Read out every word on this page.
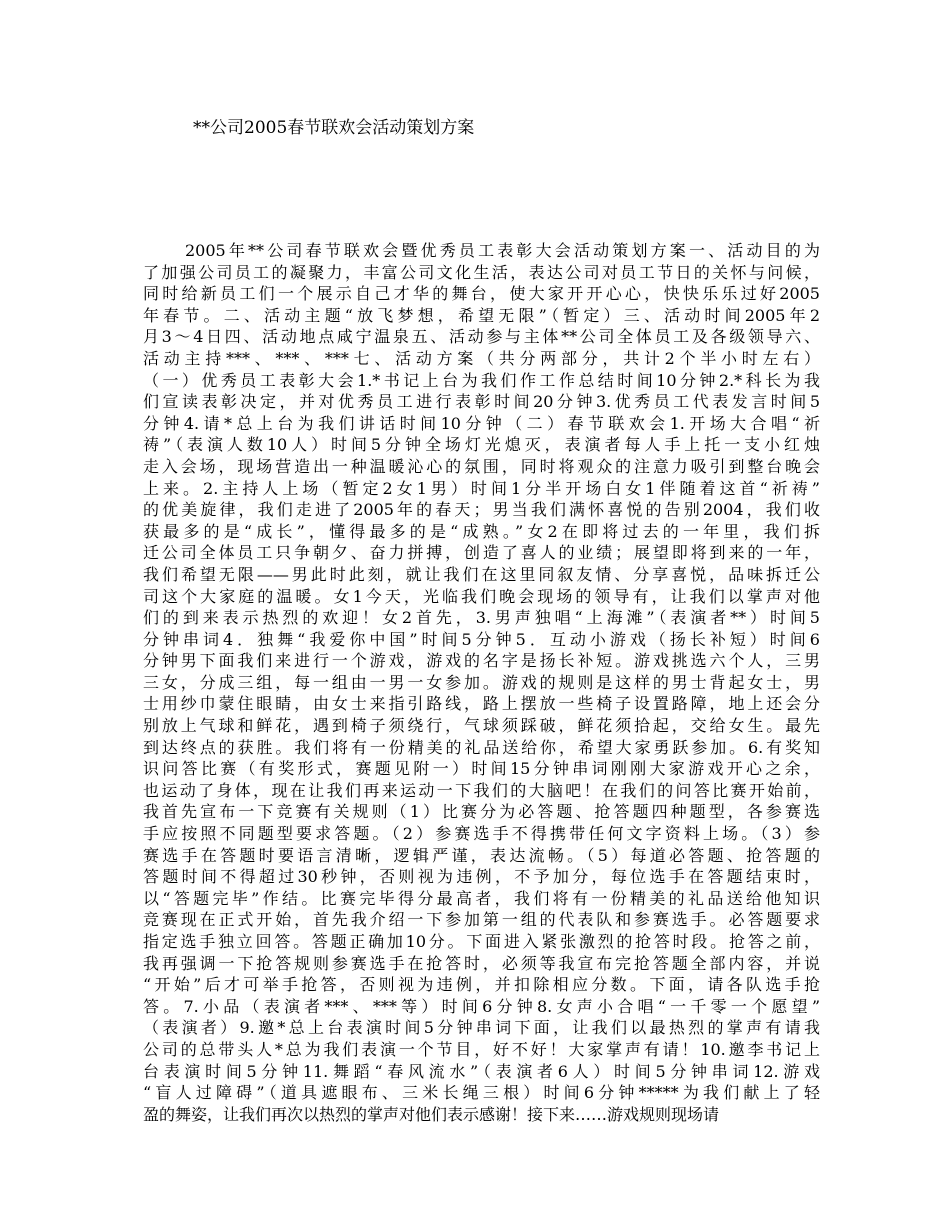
**公司2005春节联欢会活动策划方案
2005年**公司春节联欢会暨优秀员工表彰大会活动策划方案一、活动目的为
了加强公司员工的凝聚力，丰富公司文化生活，表达公司对员工节日的关怀与问候，
同时给新员工们一个展示自己才华的舞台，使大家开开心心，快快乐乐过好2005
年春节。二、活动主题“放飞梦想，希望无限”（暂定）三、活动时间2005年2
月3～4日四、活动地点咸宁温泉五、活动参与主体**公司全体员工及各级领导六、
活动主持***、***、***七、活动方案（共分两部分，共计2个半小时左右）
（一）优秀员工表彰大会1.*书记上台为我们作工作总结时间10分钟2.*科长为我
们宣读表彰决定，并对优秀员工进行表彰时间20分钟3.优秀员工代表发言时间5
分钟4.请*总上台为我们讲话时间10分钟（二）春节联欢会1.开场大合唱“祈
祷”（表演人数10人）时间5分钟全场灯光熄灭，表演者每人手上托一支小红烛
走入会场，现场营造出一种温暖沁心的氛围，同时将观众的注意力吸引到整台晚会
上来。2.主持人上场（暂定2女1男）时间1分半开场白女1伴随着这首“祈祷”
的优美旋律，我们走进了2005年的春天；男当我们满怀喜悦的告别2004，我们收
获最多的是“成长”，懂得最多的是“成熟。”女2在即将过去的一年里，我们拆
迁公司全体员工只争朝夕、奋力拼搏，创造了喜人的业绩；展望即将到来的一年，
我们希望无限——男此时此刻，就让我们在这里同叙友情、分享喜悦，品味拆迁公
司这个大家庭的温暖。女1今天，光临我们晚会现场的领导有，让我们以掌声对他
们的到来表示热烈的欢迎！女2首先，3.男声独唱“上海滩”（表演者**）时间5
分钟串词4．独舞“我爱你中国”时间5分钟5．互动小游戏（扬长补短）时间6
分钟男下面我们来进行一个游戏，游戏的名字是扬长补短。游戏挑选六个人，三男
三女，分成三组，每一组由一男一女参加。游戏的规则是这样的男士背起女士，男
士用纱巾蒙住眼睛，由女士来指引路线，路上摆放一些椅子设置路障，地上还会分
别放上气球和鲜花，遇到椅子须绕行，气球须踩破，鲜花须拾起，交给女生。最先
到达终点的获胜。我们将有一份精美的礼品送给你，希望大家勇跃参加。6.有奖知
识问答比赛（有奖形式，赛题见附一）时间15分钟串词刚刚大家游戏开心之余，
也运动了身体，现在让我们再来运动一下我们的大脑吧！在我们的问答比赛开始前，
我首先宣布一下竞赛有关规则（1）比赛分为必答题、抢答题四种题型，各参赛选
手应按照不同题型要求答题。（2）参赛选手不得携带任何文字资料上场。（3）参
赛选手在答题时要语言清晰，逻辑严谨，表达流畅。（5）每道必答题、抢答题的
答题时间不得超过30秒钟，否则视为违例，不予加分，每位选手在答题结束时，
以“答题完毕”作结。比赛完毕得分最高者，我们将有一份精美的礼品送给他知识
竞赛现在正式开始，首先我介绍一下参加第一组的代表队和参赛选手。必答题要求
指定选手独立回答。答题正确加10分。下面进入紧张激烈的抢答时段。抢答之前，
我再强调一下抢答规则参赛选手在抢答时，必须等我宣布完抢答题全部内容，并说
“开始”后才可举手抢答，否则视为违例，并扣除相应分数。下面，请各队选手抢
答。7.小品（表演者***、***等）时间6分钟8.女声小合唱“一千零一个愿望”
（表演者）9.邀*总上台表演时间5分钟串词下面，让我们以最热烈的掌声有请我
公司的总带头人*总为我们表演一个节目，好不好！大家掌声有请！10.邀李书记上
台表演时间5分钟11.舞蹈“春风流水”（表演者6人）时间5分钟串词12.游戏
“盲人过障碍”（道具遮眼布、三米长绳三根）时间6分钟*****为我们献上了轻
盈的舞姿，让我们再次以热烈的掌声对他们表示感谢！接下来……游戏规则现场请
